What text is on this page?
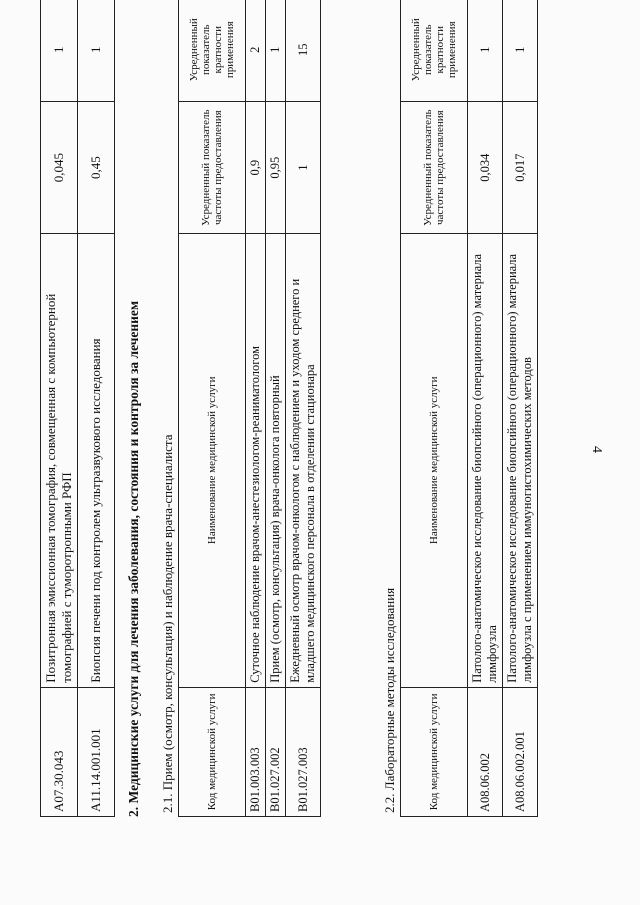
4
A07.30.043	Позитронная эмиссионная томография, совмещенная с компьютерной томографией с туморотропными РФП	0,045	1
A11.14.001.001	Биопсия печени под контролем ультразвукового исследования	0,45	1
2. Медицинские услуги для лечения заболевания, состояния и контроля за лечением 2.1. Прием (осмотр, консультация) и наблюдение врача-специалиста	Код медицинской услуги	Наименование медицинской услуги	Усредненный показатель частоты предоставления	Усредненный показатель кратности применения
B01.003.003	Суточное наблюдение врачом-анестезиологом-реаниматологом	0,9	2
B01.027.002	Прием (осмотр, консультация) врача-онколога повторный	0,95	1
B01.027.003	Ежедневный осмотр врачом-онкологом с наблюдением и уходом среднего и младшего медицинского персонала в отделении стационара	1	15
2.2. Лабораторные методы исследования	Код медицинской услуги	Наименование медицинской услуги	Усредненный показатель частоты предоставления	Усредненный показатель кратности применения
A08.06.002	Патолого-анатомическое исследование биопсийного (операционного) материала лимфоузла	0,034	1
A08.06.002.001	Патолого-анатомическое исследование биопсийного (операционного) материала лимфоузла с применением иммуногистохимических методов	0,017	1
